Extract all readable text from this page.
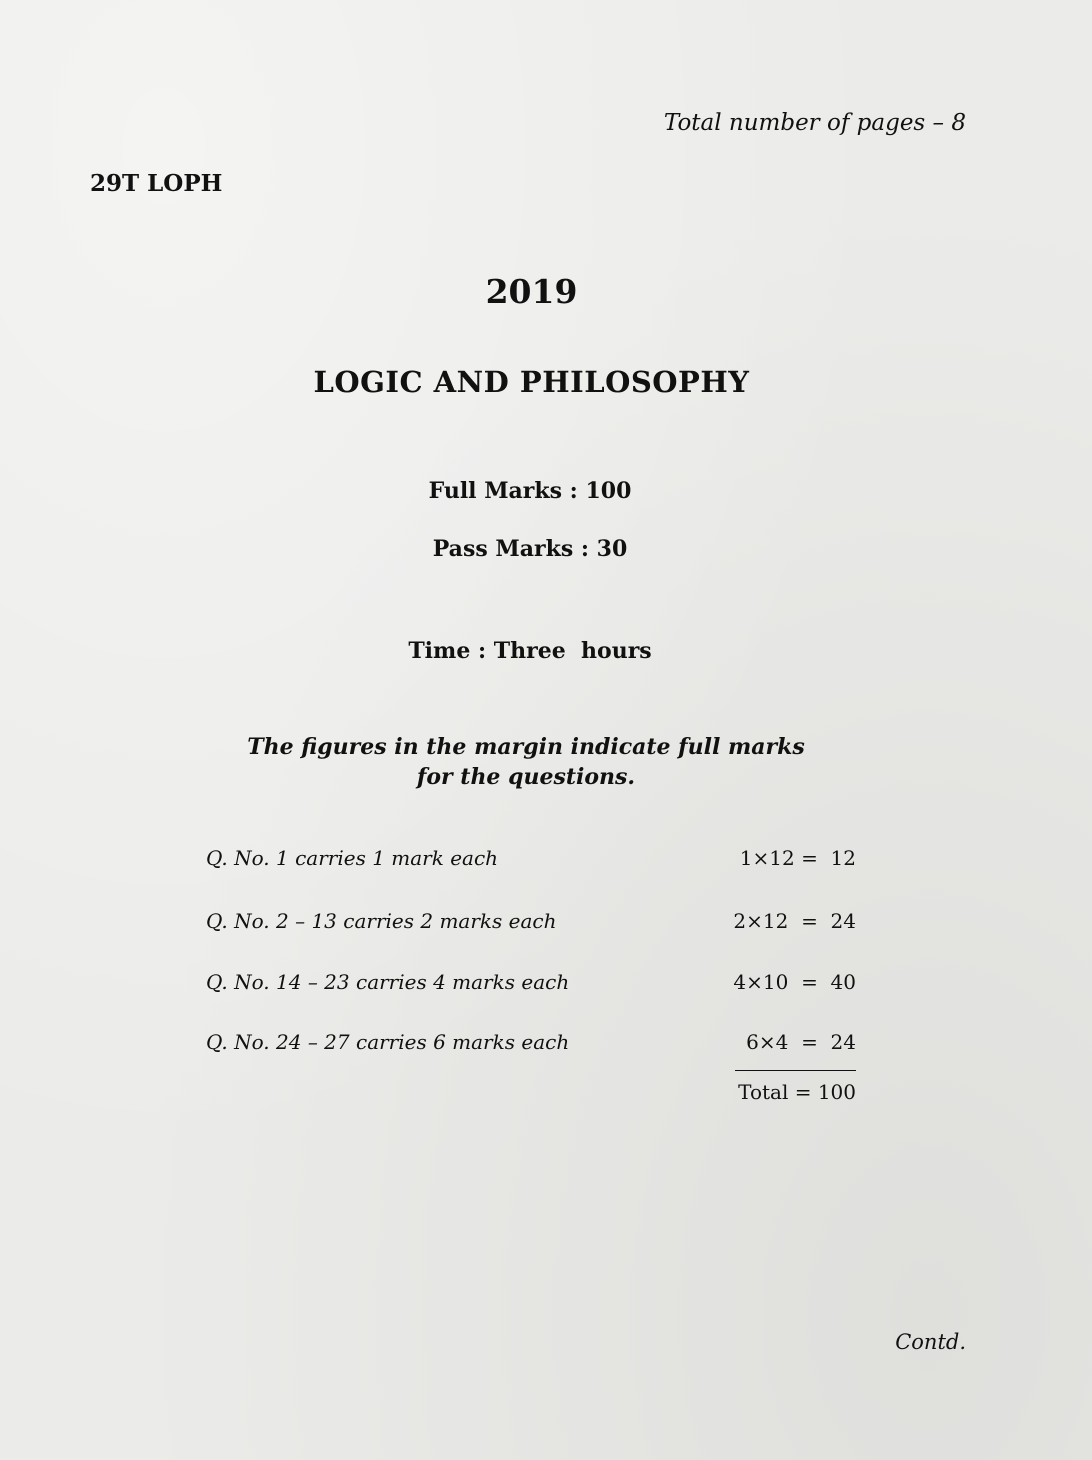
Total number of pages – 8
29T LOPH
2019
LOGIC AND PHILOSOPHY
Full Marks : 100
Pass Marks : 30
Time : Three  hours
The figures in the margin indicate full marks
for the questions.
Q. No. 1 carries 1 mark each	1×12 =  12
Q. No. 2 – 13 carries 2 marks each	2×12  =  24
Q. No. 14 – 23 carries 4 marks each	4×10  =  40
Q. No. 24 – 27 carries 6 marks each	6×4  =  24
Total = 100
Contd.
